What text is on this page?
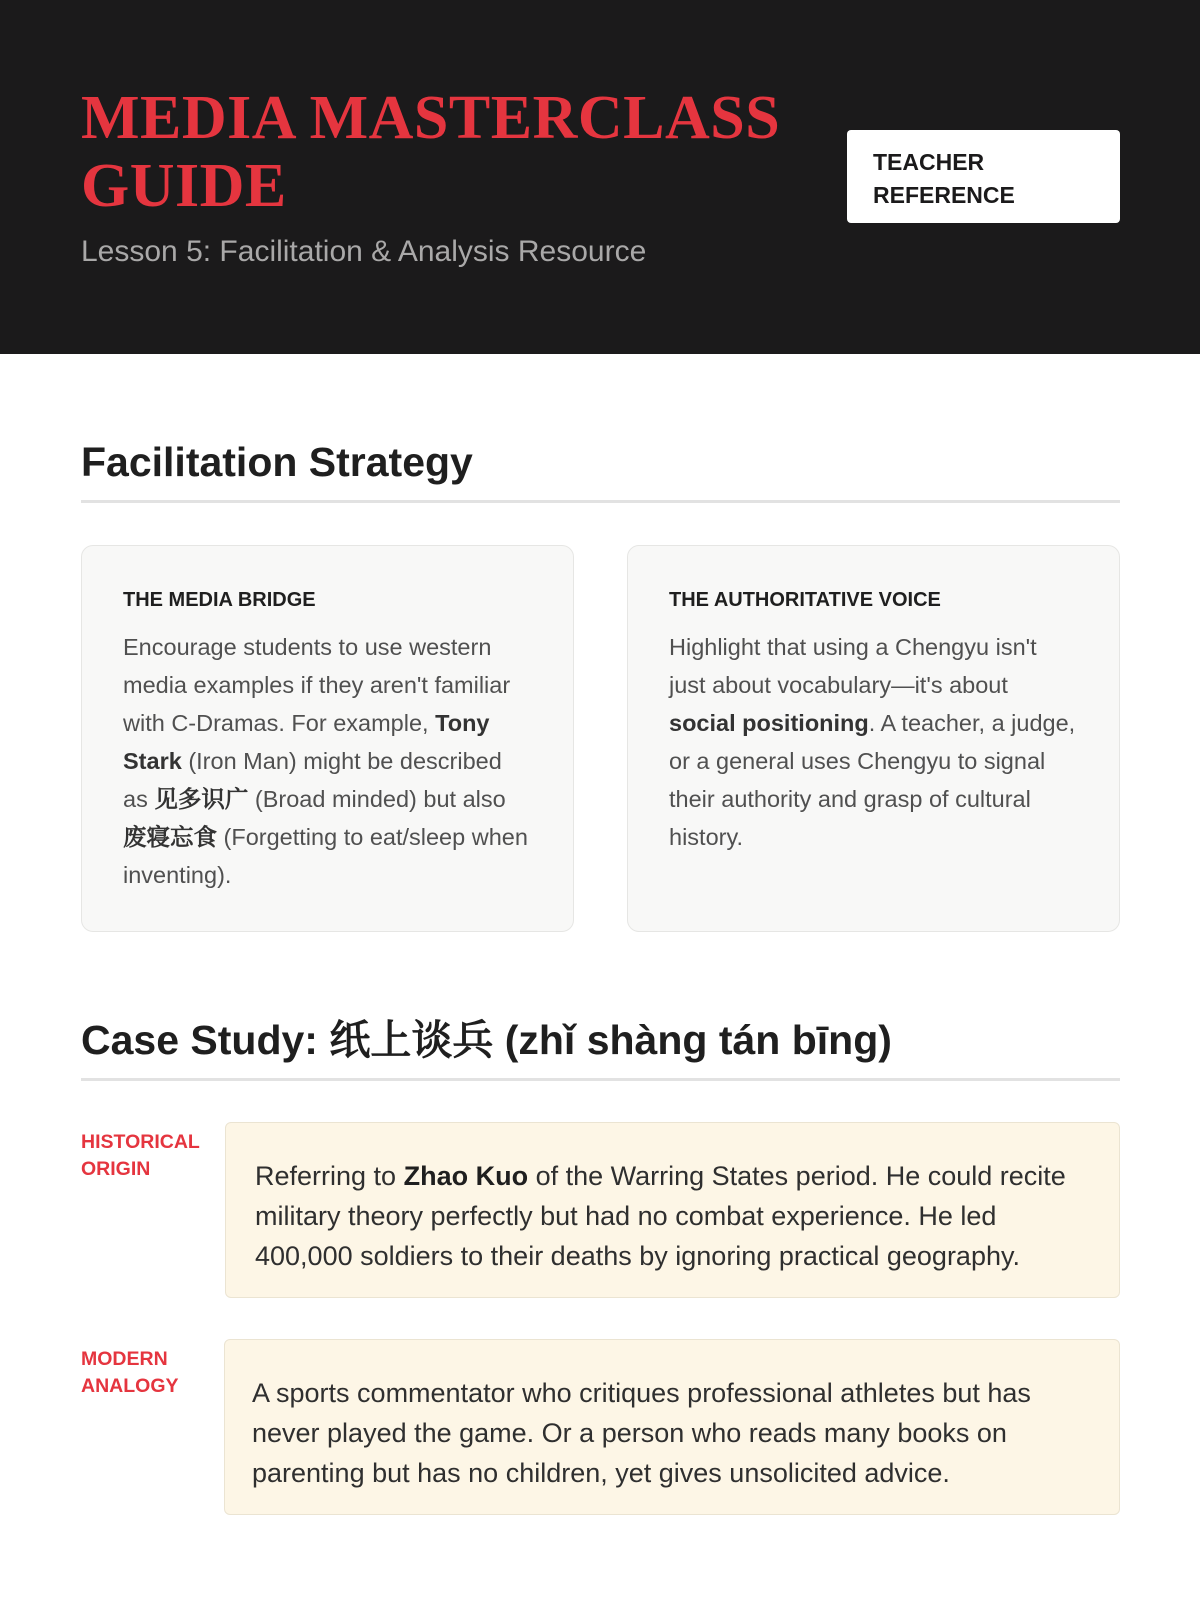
MEDIA MASTERCLASS GUIDE
Lesson 5: Facilitation & Analysis Resource
TEACHER REFERENCE
Facilitation Strategy
THE MEDIA BRIDGE

Encourage students to use western media examples if they aren't familiar with C-Dramas. For example, Tony Stark (Iron Man) might be described as 见多识广 (Broad minded) but also 废寝忘食 (Forgetting to eat/sleep when inventing).

THE AUTHORITATIVE VOICE

Highlight that using a Chengyu isn't just about vocabulary—it's about social positioning. A teacher, a judge, or a general uses Chengyu to signal their authority and grasp of cultural history.

Case Study: 纸上谈兵 (zhǐ shàng tán bīng)
HISTORICAL ORIGIN	Referring to Zhao Kuo of the Warring States period. He could recite military theory perfectly but had no combat experience. He led 400,000 soldiers to their deaths by ignoring practical geography.

MODERN ANALOGY	A sports commentator who critiques professional athletes but has never played the game. Or a person who reads many books on parenting but has no children, yet gives unsolicited advice.
